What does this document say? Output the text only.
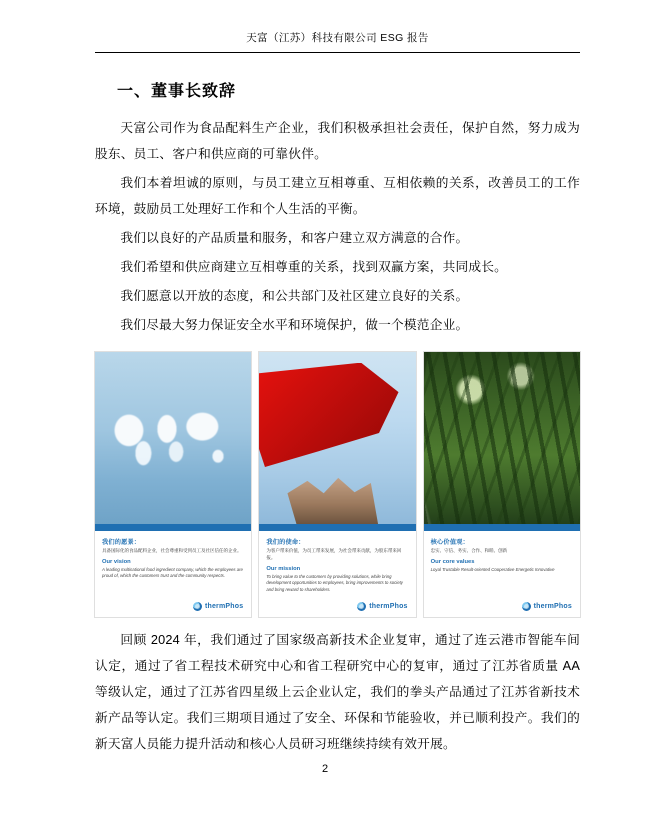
天富（江苏）科技有限公司 ESG 报告
一、董事长致辞

天富公司作为食品配料生产企业，我们积极承担社会责任，保护自然，努力成为股东、员工、客户和供应商的可靠伙伴。

我们本着坦诚的原则，与员工建立互相尊重、互相依赖的关系，改善员工的工作环境，鼓励员工处理好工作和个人生活的平衡。

我们以良好的产品质量和服务，和客户建立双方满意的合作。

我们希望和供应商建立互相尊重的关系，找到双赢方案，共同成长。

我们愿意以开放的态度，和公共部门及社区建立良好的关系。

我们尽最大努力保证安全水平和环境保护，做一个模范企业。

我们的愿景：
具备国际化的食品配料企业，社会尊重和受到员工及社区信任的企业。
Our vision
A leading multinational food ingredient company, which the employees are proud of, which the customers trust and the community respects.
thermPhos
我们的使命：
为客户带来价值，为员工带来发展，为社会带来贡献，为股东带来回报。
Our mission
To bring value to the customers by providing solutions, while bring development opportunities to employees, bring improvements to society and bring reward to shareholders.
thermPhos
核心价值观：
忠实、守信、务实、合作、和睦、创新
Our core values
Loyal Trustable Result-oriented Cooperative Energetic Innovative
thermPhos

回顾 2024 年，我们通过了国家级高新技术企业复审，通过了连云港市智能车间认定，通过了省工程技术研究中心和省工程研究中心的复审，通过了江苏省质量 AA 等级认定，通过了江苏省四星级上云企业认定，我们的拳头产品通过了江苏省新技术新产品等认定。我们三期项目通过了安全、环保和节能验收，并已顺利投产。我们的新天富人员能力提升活动和核心人员研习班继续持续有效开展。

2
